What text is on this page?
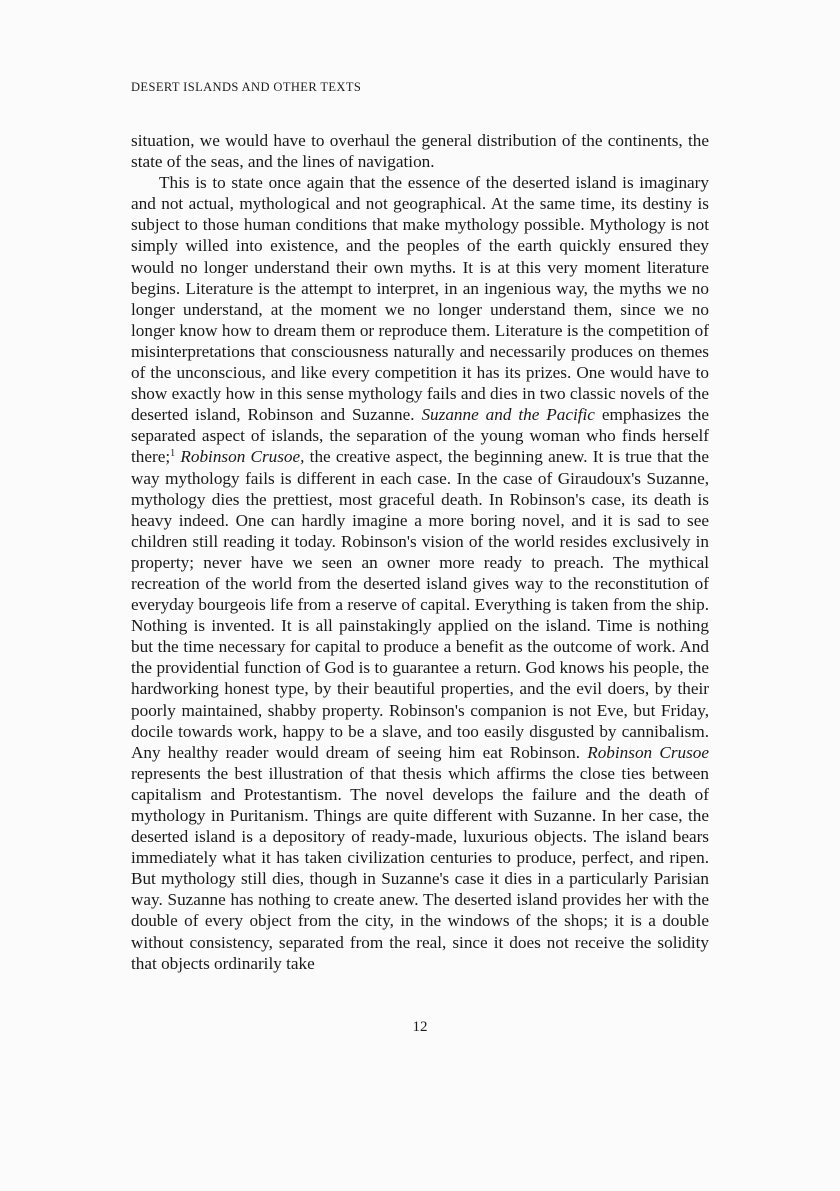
DESERT ISLANDS AND OTHER TEXTS

situation, we would have to overhaul the general distribution of the continents, the state of the seas, and the lines of navigation.

This is to state once again that the essence of the deserted island is imaginary and not actual, mythological and not geographical. At the same time, its destiny is subject to those human conditions that make mythology possible. Mythology is not simply willed into existence, and the peoples of the earth quickly ensured they would no longer understand their own myths. It is at this very moment literature begins. Literature is the attempt to interpret, in an ingenious way, the myths we no longer understand, at the moment we no longer understand them, since we no longer know how to dream them or reproduce them. Literature is the competition of misinterpretations that consciousness naturally and necessarily produces on themes of the unconscious, and like every competition it has its prizes. One would have to show exactly how in this sense mythology fails and dies in two classic novels of the deserted island, Robinson and Suzanne. Suzanne and the Pacific emphasizes the separated aspect of islands, the separation of the young woman who finds herself there;$^1$ Robinson Crusoe, the creative aspect, the beginning anew. It is true that the way mythology fails is different in each case. In the case of Giraudoux's Suzanne, mythology dies the prettiest, most graceful death. In Robinson's case, its death is heavy indeed. One can hardly imagine a more boring novel, and it is sad to see children still reading it today. Robinson's vision of the world resides exclusively in property; never have we seen an owner more ready to preach. The mythical recreation of the world from the deserted island gives way to the reconstitution of everyday bourgeois life from a reserve of capital. Everything is taken from the ship. Nothing is invented. It is all painstakingly applied on the island. Time is nothing but the time necessary for capital to produce a benefit as the outcome of work. And the providential function of God is to guarantee a return. God knows his people, the hardworking honest type, by their beautiful properties, and the evil doers, by their poorly maintained, shabby property. Robinson's companion is not Eve, but Friday, docile towards work, happy to be a slave, and too easily disgusted by cannibalism. Any healthy reader would dream of seeing him eat Robinson. Robinson Crusoe represents the best illustration of that thesis which affirms the close ties between capitalism and Protestantism. The novel develops the failure and the death of mythology in Puritanism. Things are quite different with Suzanne. In her case, the deserted island is a depository of ready-made, luxurious objects. The island bears immediately what it has taken civilization centuries to produce, perfect, and ripen. But mythology still dies, though in Suzanne's case it dies in a particularly Parisian way. Suzanne has nothing to create anew. The deserted island provides her with the double of every object from the city, in the windows of the shops; it is a double without consistency, separated from the real, since it does not receive the solidity that objects ordinarily take

12
